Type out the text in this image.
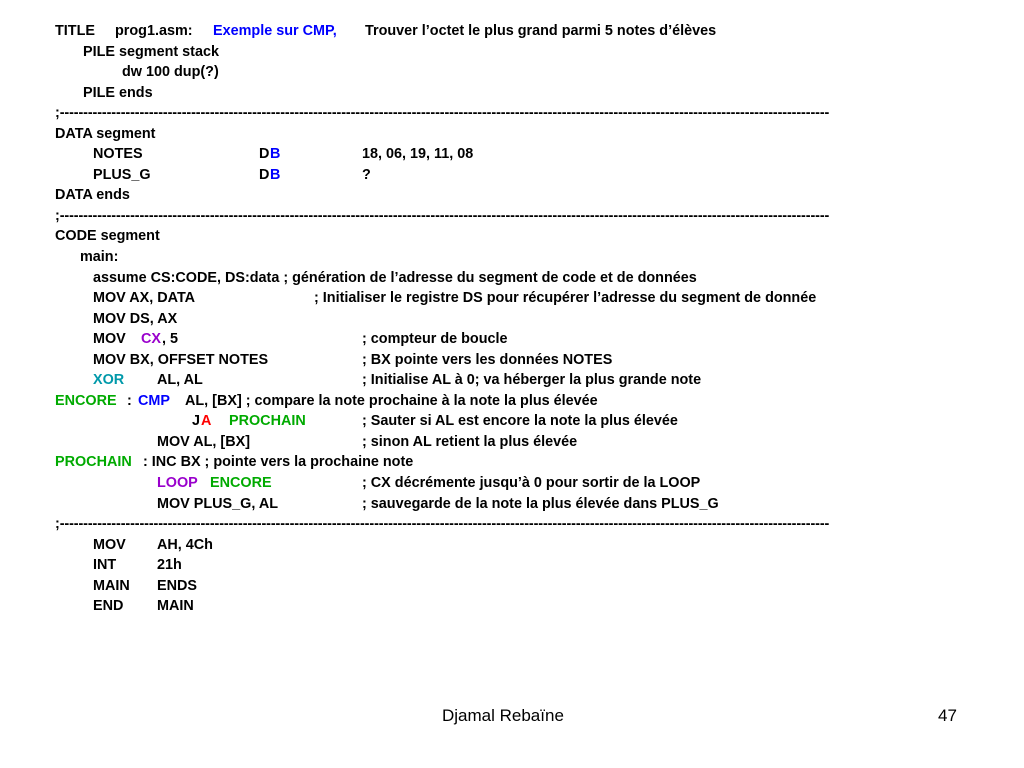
TITLE prog1.asm: Exemple sur CMP, Trouver l’octet le plus grand parmi 5 notes d’élèves
PILE segment stack
dw 100 dup(?)
PILE ends
;--------------------------------------------------------------------------------------------------------------------------------------------------------------------
DATA segment
NOTES	D B	18, 06, 19, 11, 08
PLUS_G	D B	?
DATA ends
;--------------------------------------------------------------------------------------------------------------------------------------------------------------------
CODE segment
main:
assume CS:CODE, DS:data ; génération de l’adresse du segment de code et de données
MOV AX, DATA	; Initialiser le registre DS pour récupérer l’adresse du segment de donnée
MOV DS, AX
MOV CX , 5	; compteur de boucle
MOV BX, OFFSET NOTES	; BX pointe vers les données NOTES
XOR AL, AL	; Initialise AL à 0; va héberger la plus grande note
ENCORE : CMP AL, [BX] ; compare la note prochaine à la note la plus élevée
J A PROCHAIN	; Sauter si AL est encore la note la plus élevée
MOV AL, [BX]	; sinon AL retient la plus élevée
PROCHAIN : INC BX ; pointe vers la prochaine note
LOOP ENCORE	; CX décrémente jusqu’à 0 pour sortir de la LOOP
MOV PLUS_G, AL	; sauvegarde de la note la plus élevée dans PLUS_G
;--------------------------------------------------------------------------------------------------------------------------------------------------------------------
MOV AH, 4Ch
INT	21h
MAIN ENDS
END MAIN
Djamal Rebaïne	47
